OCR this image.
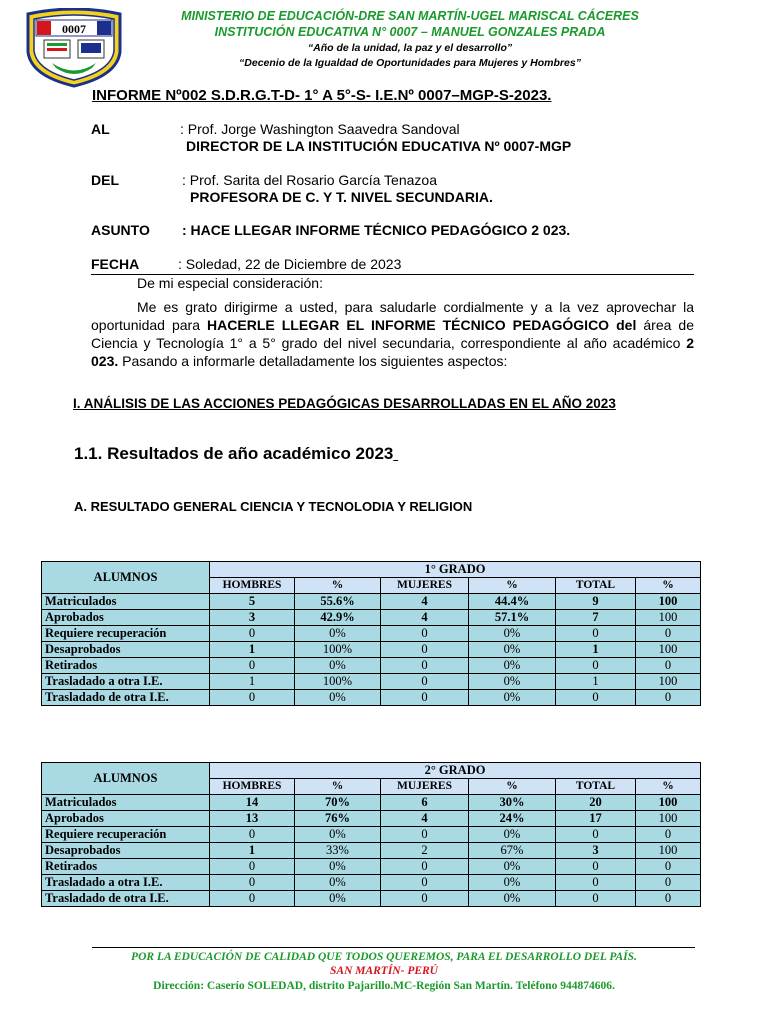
0007
MINISTERIO DE EDUCACIÓN-DRE SAN MARTÍN-UGEL MARISCAL CÁCERES
INSTITUCIÓN EDUCATIVA N° 0007 – MANUEL GONZALES PRADA
“Año de la unidad, la paz y el desarrollo”
“Decenio de la Igualdad de Oportunidades para Mujeres y Hombres”
INFORME Nº002 S.D.R.G.T-D- 1° A 5°-S- I.E.Nº 0007–MGP-S-2023.
AL	: Prof. Jorge Washington Saavedra Sandoval
DIRECTOR DE LA INSTITUCIÓN EDUCATIVA Nº 0007-MGP
DEL	: Prof. Sarita del Rosario García Tenazoa
PROFESORA DE C. Y T. NIVEL SECUNDARIA.
ASUNTO : HACE LLEGAR INFORME TÉCNICO PEDAGÓGICO 2 023.
FECHA	: Soledad, 22 de Diciembre de 2023
De mi especial consideración:
Me es grato dirigirme a usted, para saludarle cordialmente y a la vez aprovechar la oportunidad para HACERLE LLEGAR EL INFORME TÉCNICO PEDAGÓGICO del área de Ciencia y Tecnología 1° a 5° grado del nivel secundaria, correspondiente al año académico 2 023. Pasando a informarle detalladamente los siguientes aspectos:
I. ANÁLISIS DE LAS ACCIONES PEDAGÓGICAS DESARROLLADAS EN EL AÑO 2023
1.1. Resultados de año académico 2023
A. RESULTADO GENERAL CIENCIA Y TECNOLODIA Y RELIGION
ALUMNOS	1° GRADO					
	HOMBRES	%	MUJERES	%	TOTAL	%
Matriculados	5	55.6%	4	44.4%	9	100
Aprobados	3	42.9%	4	57.1%	7	100
Requiere recuperación	0	0%	0	0%	0	0
Desaprobados	1	100%	0	0%	1	100
Retirados	0	0%	0	0%	0	0
Trasladado a otra I.E.	1	100%	0	0%	1	100
Trasladado de otra I.E.	0	0%	0	0%	0	0
ALUMNOS	2° GRADO					
	HOMBRES	%	MUJERES	%	TOTAL	%
Matriculados	14	70%	6	30%	20	100
Aprobados	13	76%	4	24%	17	100
Requiere recuperación	0	0%	0	0%	0	0
Desaprobados	1	33%	2	67%	3	100
Retirados	0	0%	0	0%	0	0
Trasladado a otra I.E.	0	0%	0	0%	0	0
Trasladado de otra I.E.	0	0%	0	0%	0	0
POR LA EDUCACIÓN DE CALIDAD QUE TODOS QUEREMOS, PARA EL DESARROLLO DEL PAÍS.
SAN MARTÍN- PERÚ
Dirección: Caserío SOLEDAD, distrito Pajarillo.MC-Región San Martín. Teléfono 944874606.
